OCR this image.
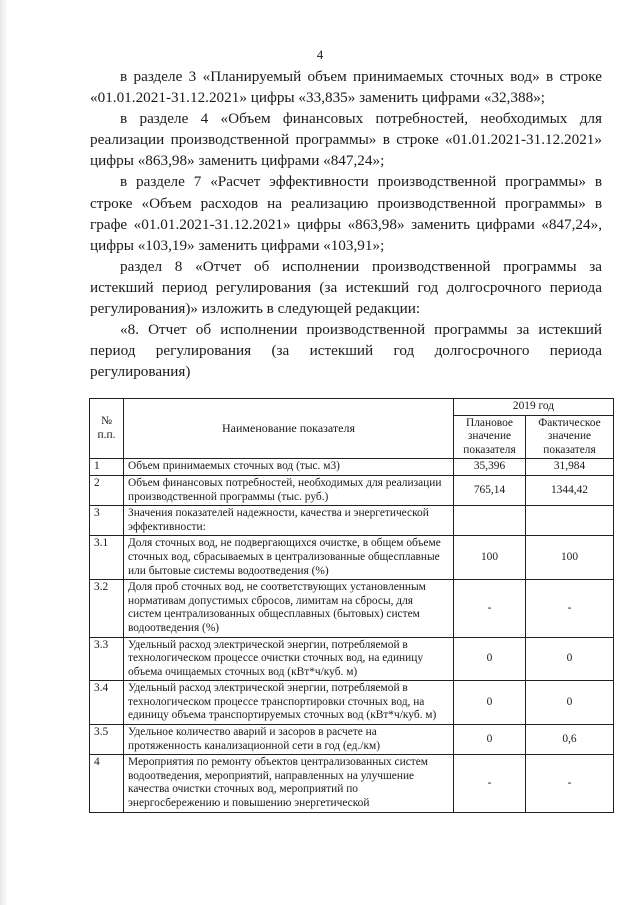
4

в разделе 3 «Планируемый объем принимаемых сточных вод» в строке «01.01.2021-31.12.2021» цифры «33,835» заменить цифрами «32,388»;

в разделе 4 «Объем финансовых потребностей, необходимых для реализации производственной программы» в строке «01.01.2021-31.12.2021» цифры «863,98» заменить цифрами «847,24»;

в разделе 7 «Расчет эффективности производственной программы» в строке «Объем расходов на реализацию производственной программы» в графе «01.01.2021-31.12.2021» цифры «863,98» заменить цифрами «847,24», цифры «103,19» заменить цифрами «103,91»;

раздел 8 «Отчет об исполнении производственной программы за истекший период регулирования (за истекший год долгосрочного периода регулирования)» изложить в следующей редакции:

«8. Отчет об исполнении производственной программы за истекший период регулирования (за истекший год долгосрочного периода регулирования)

№ п.п.	Наименование показателя	2019 год	
		Плановое значение показателя	Фактическое значение показателя
1	Объем принимаемых сточных вод (тыс. м3)	35,396	31,984
2	Объем финансовых потребностей, необходимых для реализации производственной программы (тыс. руб.)	765,14	1344,42
3	Значения показателей надежности, качества и энергетической эффективности:		
3.1	Доля сточных вод, не подвергающихся очистке, в общем объеме сточных вод, сбрасываемых в централизованные общесплавные или бытовые системы водоотведения (%)	100	100
3.2	Доля проб сточных вод, не соответствующих установленным нормативам допустимых сбросов, лимитам на сбросы, для систем централизованных общесплавных (бытовых) систем водоотведения (%)	-	-
3.3	Удельный расход электрической энергии, потребляемой в технологическом процессе очистки сточных вод, на единицу объема очищаемых сточных вод (кВт*ч/куб. м)	0	0
3.4	Удельный расход электрической энергии, потребляемой в технологическом процессе транспортировки сточных вод, на единицу объема транспортируемых сточных вод (кВт*ч/куб. м)	0	0
3.5	Удельное количество аварий и засоров в расчете на протяженность канализационной сети в год (ед./км)	0	0,6
4	Мероприятия по ремонту объектов централизованных систем водоотведения, мероприятий, направленных на улучшение качества очистки сточных вод, мероприятий по энергосбережению и повышению энергетической	-	-
